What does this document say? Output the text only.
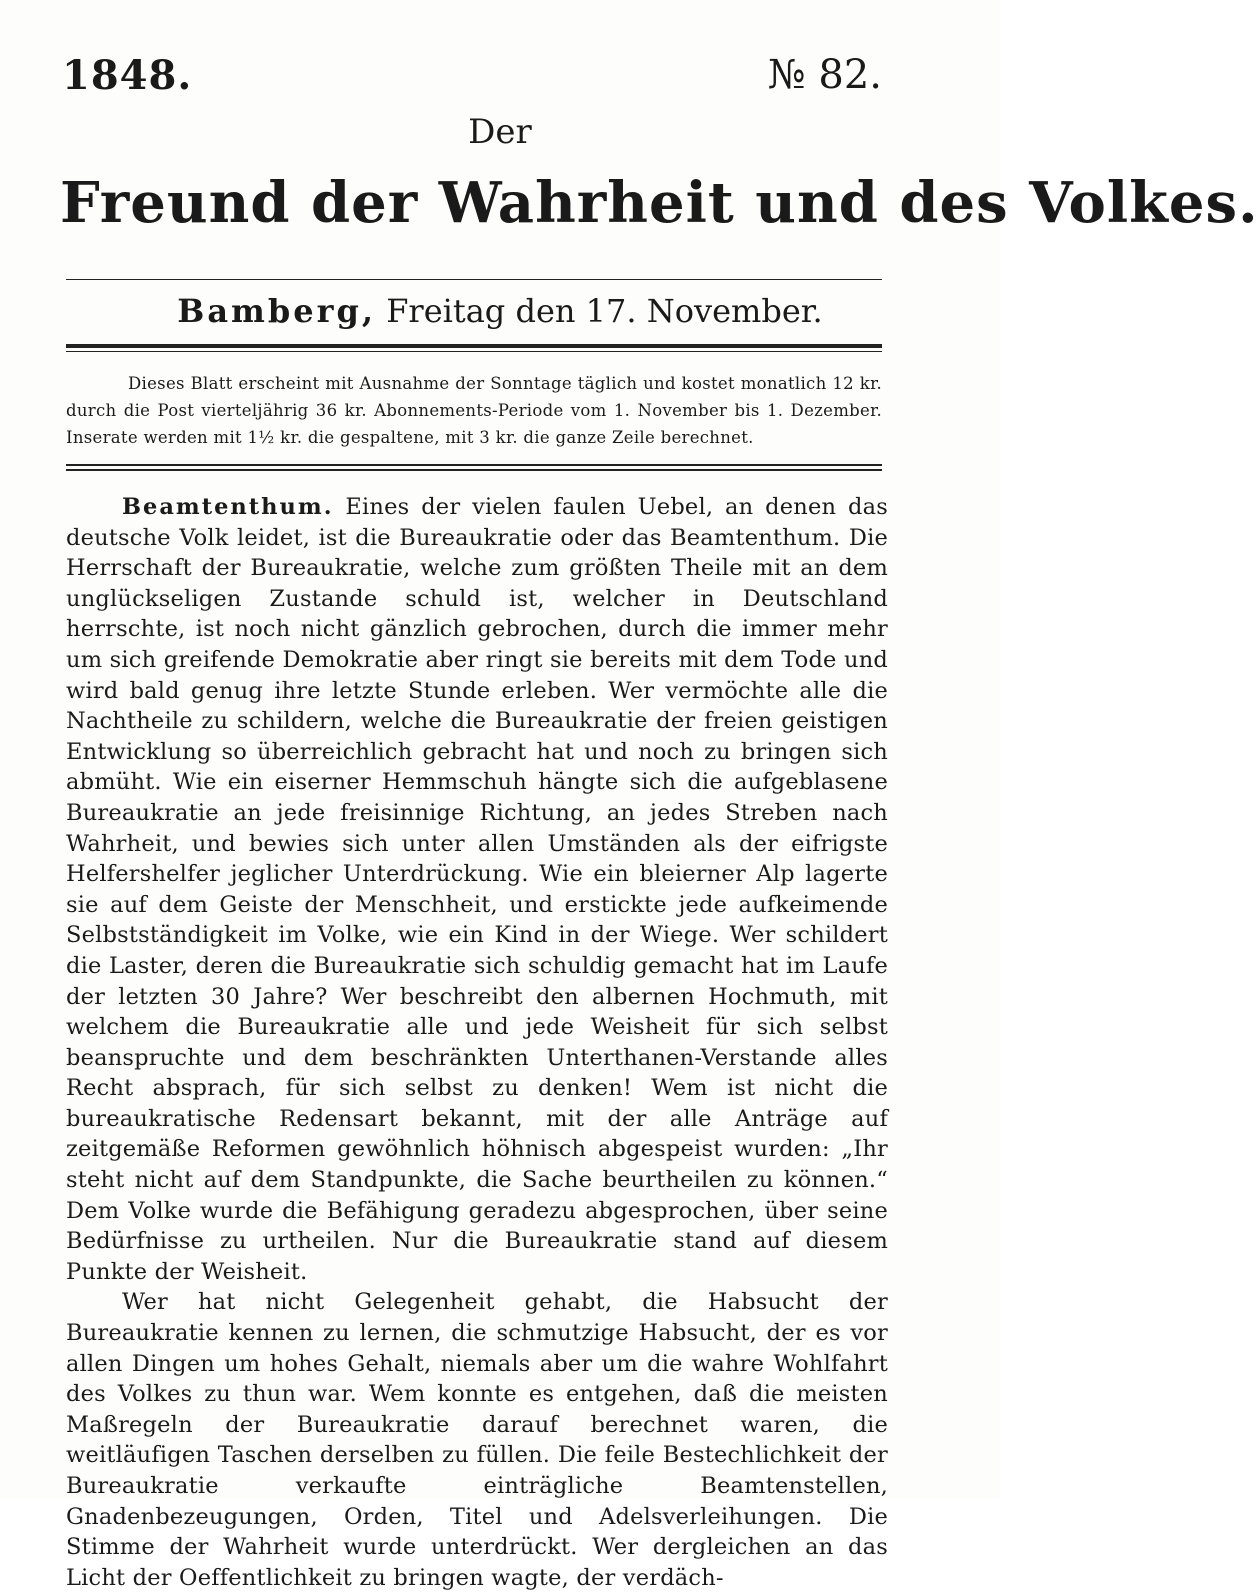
1848.	№ 82.
Der
Freund der Wahrheit und des Volkes.
Bamberg, Freitag den 17. November.
Dieses Blatt erscheint mit Ausnahme der Sonntage täglich und kostet monatlich 12 kr. durch die Post vierteljährig 36 kr. Abonnements-Periode vom 1. November bis 1. Dezember. Inserate werden mit 1½ kr. die gespaltene, mit 3 kr. die ganze Zeile berechnet.

Beamtenthum. Eines der vielen faulen Uebel, an denen das deutsche Volk leidet, ist die Bureaukratie oder das Beamtenthum. Die Herrschaft der Bureaukratie, welche zum größten Theile mit an dem unglückseligen Zustande schuld ist, welcher in Deutschland herrschte, ist noch nicht gänzlich gebrochen, durch die immer mehr um sich greifende Demokratie aber ringt sie bereits mit dem Tode und wird bald genug ihre letzte Stunde erleben. Wer vermöchte alle die Nachtheile zu schildern, welche die Bureaukratie der freien geistigen Entwicklung so überreichlich gebracht hat und noch zu bringen sich abmüht. Wie ein eiserner Hemmschuh hängte sich die aufgeblasene Bureaukratie an jede freisinnige Richtung, an jedes Streben nach Wahrheit, und bewies sich unter allen Umständen als der eifrigste Helfershelfer jeglicher Unterdrückung. Wie ein bleierner Alp lagerte sie auf dem Geiste der Menschheit, und erstickte jede aufkeimende Selbstständigkeit im Volke, wie ein Kind in der Wiege. Wer schildert die Laster, deren die Bureaukratie sich schuldig gemacht hat im Laufe der letzten 30 Jahre? Wer beschreibt den albernen Hochmuth, mit welchem die Bureaukratie alle und jede Weisheit für sich selbst beanspruchte und dem beschränkten Unterthanen-Verstande alles Recht absprach, für sich selbst zu denken! Wem ist nicht die bureaukratische Redensart bekannt, mit der alle Anträge auf zeitgemäße Reformen gewöhnlich höhnisch abgespeist wurden: „Ihr steht nicht auf dem Standpunkte, die Sache beurtheilen zu können.“ Dem Volke wurde die Befähigung geradezu abgesprochen, über seine Bedürfnisse zu urtheilen. Nur die Bureaukratie stand auf diesem Punkte der Weisheit.

Wer hat nicht Gelegenheit gehabt, die Habsucht der Bureaukratie kennen zu lernen, die schmutzige Habsucht, der es vor allen Dingen um hohes Gehalt, niemals aber um die wahre Wohlfahrt des Volkes zu thun war. Wem konnte es entgehen, daß die meisten Maßregeln der Bureaukratie darauf berechnet waren, die weitläufigen Taschen derselben zu füllen. Die feile Bestechlichkeit der Bureaukratie verkaufte einträgliche Beamtenstellen, Gnadenbezeugungen, Orden, Titel und Adelsverleihungen. Die Stimme der Wahrheit wurde unterdrückt. Wer dergleichen an das Licht der Oeffentlichkeit zu bringen wagte, der verdäch-
